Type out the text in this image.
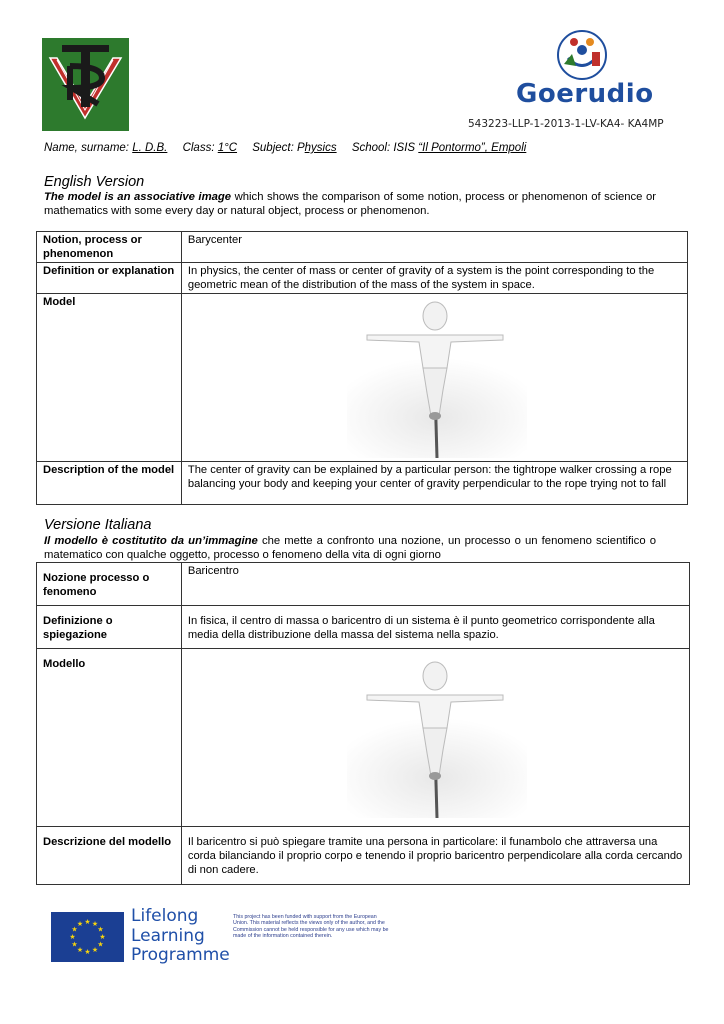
Goerudio
543223-LLP-1-2013-1-LV-KA4- KA4MP
Name, surname: L. D.B. Class: 1°C Subject: Physics School: ISIS “Il Pontormo”, Empoli
English Version
The model is an associative image which shows the comparison of some notion, process or phenomenon of science or mathematics with some every day or natural object, process or phenomenon.
Notion, process or phenomenon	Barycenter
Definition or explanation	In physics, the center of mass or center of gravity of a system is the point corresponding to the geometric mean of the distribution of the mass of the system in space.
Model	

Description of the model	The center of gravity can be explained by a particular person: the tightrope walker crossing a rope balancing your body and keeping your center of gravity perpendicular to the rope trying not to fall
Versione Italiana
Il modello è costitutito da un’immagine che mette a confronto una nozione, un processo o un fenomeno scientifico o matematico con qualche oggetto, processo o fenomeno della vita di ogni giorno
Nozione processo o fenomeno	Baricentro
Definizione o spiegazione	In fisica, il centro di massa o baricentro di un sistema è il punto geometrico corrispondente alla media della distribuzione della massa del sistema nella spazio.
Modello	

Descrizione del modello	Il baricentro si può spiegare tramite una persona in particolare: il funambolo che attraversa una corda bilanciando il proprio corpo e tenendo il proprio baricentro perpendicolare alla corda cercando di non cadere.
★ ★
★
★
★
★
★
★
★
★
★
★	Lifelong
Learning
Programme
This project has been funded with support from the European Union. This material reflects the views only of the author, and the Commission cannot be held responsible for any use which may be made of the information contained therein.
